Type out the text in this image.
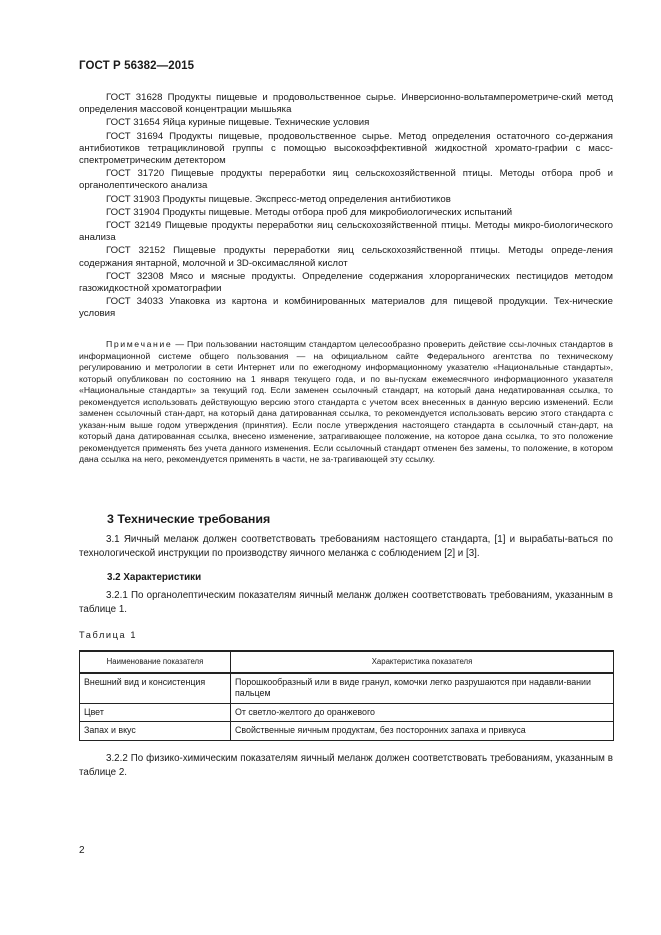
ГОСТ Р 56382—2015

ГОСТ 31628 Продукты пищевые и продовольственное сырье. Инверсионно-вольтамперометриче-ский метод определения массовой концентрации мышьяка

ГОСТ 31654 Яйца куриные пищевые. Технические условия

ГОСТ 31694 Продукты пищевые, продовольственное сырье. Метод определения остаточного со-держания антибиотиков тетрациклиновой группы с помощью высокоэффективной жидкостной хромато-графии с масс-спектрометрическим детектором

ГОСТ 31720 Пищевые продукты переработки яиц сельскохозяйственной птицы. Методы отбора проб и органолептического анализа

ГОСТ 31903 Продукты пищевые. Экспресс-метод определения антибиотиков

ГОСТ 31904 Продукты пищевые. Методы отбора проб для микробиологических испытаний

ГОСТ 32149 Пищевые продукты переработки яиц сельскохозяйственной птицы. Методы микро-биологического анализа

ГОСТ 32152 Пищевые продукты переработки яиц сельскохозяйственной птицы. Методы опреде-ления содержания янтарной, молочной и 3D-оксимасляной кислот

ГОСТ 32308 Мясо и мясные продукты. Определение содержания хлорорганических пестицидов методом газожидкостной хроматографии

ГОСТ 34033 Упаковка из картона и комбинированных материалов для пищевой продукции. Тех-нические условия

Примечание — При пользовании настоящим стандартом целесообразно проверить действие ссы-лочных стандартов в информационной системе общего пользования — на официальном сайте Федерального агентства по техническому регулированию и метрологии в сети Интернет или по ежегодному информационному указателю «Национальные стандарты», который опубликован по состоянию на 1 января текущего года, и по вы-пускам ежемесячного информационного указателя «Национальные стандарты» за текущий год. Если заменен ссылочный стандарт, на который дана недатированная ссылка, то рекомендуется использовать действующую версию этого стандарта с учетом всех внесенных в данную версию изменений. Если заменен ссылочный стан-дарт, на который дана датированная ссылка, то рекомендуется использовать версию этого стандарта с указан-ным выше годом утверждения (принятия). Если после утверждения настоящего стандарта в ссылочный стан-дарт, на который дана датированная ссылка, внесено изменение, затрагивающее положение, на которое дана ссылка, то это положение рекомендуется применять без учета данного изменения. Если ссылочный стандарт отменен без замены, то положение, в котором дана ссылка на него, рекомендуется применять в части, не за-трагивающей эту ссылку.

3 Технические требования

3.1 Яичный меланж должен соответствовать требованиям настоящего стандарта, [1] и вырабаты-ваться по технологической инструкции по производству яичного меланжа с соблюдением [2] и [3].

3.2 Характеристики

3.2.1 По органолептическим показателям яичный меланж должен соответствовать требованиям, указанным в таблице 1.

Таблица 1
Наименование показателя	Характеристика показателя
Внешний вид и консистенция	Порошкообразный или в виде гранул, комочки легко разрушаются при надавли-вании пальцем
Цвет	От светло-желтого до оранжевого
Запах и вкус	Свойственные яичным продуктам, без посторонних запаха и привкуса

3.2.2 По физико-химическим показателям яичный меланж должен соответствовать требованиям, указанным в таблице 2.

2
